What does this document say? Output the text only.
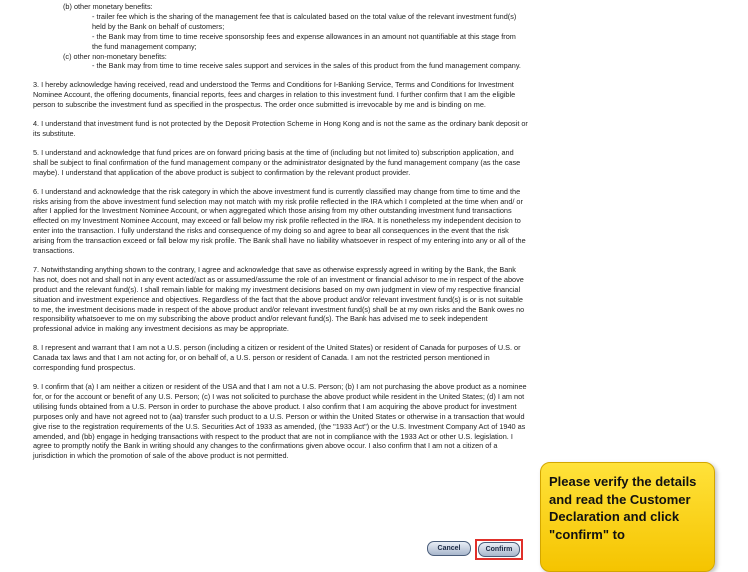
(b) other monetary benefits:

- trailer fee which is the sharing of the management fee that is calculated based on the total value of the relevant investment fund(s) held by the Bank on behalf of customers;

- the Bank may from time to time receive sponsorship fees and expense allowances in an amount not quantifiable at this stage from the fund management company;

(c) other non-monetary benefits:

- the Bank may from time to time receive sales support and services in the sales of this product from the fund management company.

3. I hereby acknowledge having received, read and understood the Terms and Conditions for I-Banking Service, Terms and Conditions for Investment Nominee Account, the offering documents, financial reports, fees and charges in relation to this investment fund. I further confirm that I am the eligible person to subscribe the investment fund as specified in the prospectus. The order once submitted is irrevocable by me and is binding on me.

4. I understand that investment fund is not protected by the Deposit Protection Scheme in Hong Kong and is not the same as the ordinary bank deposit or its substitute.

5. I understand and acknowledge that fund prices are on forward pricing basis at the time of (including but not limited to) subscription application, and shall be subject to final confirmation of the fund management company or the administrator designated by the fund management company (as the case maybe). I understand that application of the above product is subject to confirmation by the relevant product provider.

6. I understand and acknowledge that the risk category in which the above investment fund is currently classified may change from time to time and the risks arising from the above investment fund selection may not match with my risk profile reflected in the IRA which I completed at the time when and/ or after I applied for the Investment Nominee Account, or when aggregated which those arising from my other outstanding investment fund transactions effected on my Investment Nominee Account, may exceed or fall below my risk profile reflected in the IRA. It is nonetheless my independent decision to enter into the transaction. I fully understand the risks and consequence of my doing so and agree to bear all consequences in the event that the risk arising from the transaction exceed or fall below my risk profile. The Bank shall have no liability whatsoever in respect of my entering into any or all of the transactions.

7. Notwithstanding anything shown to the contrary, I agree and acknowledge that save as otherwise expressly agreed in writing by the Bank, the Bank has not, does not and shall not in any event acted/act as or assumed/assume the role of an investment or financial advisor to me in respect of the above product and the relevant fund(s). I shall remain liable for making my investment decisions based on my own judgment in view of my respective financial situation and investment experience and objectives. Regardless of the fact that the above product and/or relevant investment fund(s) is or is not suitable to me, the investment decisions made in respect of the above product and/or relevant investment fund(s) shall be at my own risks and the Bank owes no responsibility whatsoever to me on my subscribing the above product and/or relevant fund(s). The Bank has advised me to seek independent professional advice in making any investment decisions as may be appropriate.

8. I represent and warrant that I am not a U.S. person (including a citizen or resident of the United States) or resident of Canada for purposes of U.S. or Canada tax laws and that I am not acting for, or on behalf of, a U.S. person or resident of Canada. I am not the restricted person mentioned in corresponding fund prospectus.

9. I confirm that (a) I am neither a citizen or resident of the USA and that I am not a U.S. Person; (b) I am not purchasing the above product as a nominee for, or for the account or benefit of any U.S. Person; (c) I was not solicited to purchase the above product while resident in the United States; (d) I am not utilising funds obtained from a U.S. Person in order to purchase the above product. I also confirm that I am acquiring the above product for investment purposes only and have not agreed not to (aa) transfer such product to a U.S. Person or within the United States or otherwise in a transaction that would give rise to the registration requirements of the U.S. Securities Act of 1933 as amended, (the "1933 Act") or the U.S. Investment Company Act of 1940 as amended, and (bb) engage in hedging transactions with respect to the product that are not in compliance with the 1933 Act or other U.S. legislation. I agree to promptly notify the Bank in writing should any changes to the confirmations given above occur. I also confirm that I am not a citizen of a jurisdiction in which the promotion of sale of the above product is not permitted.

Cancel	Confirm
Please verify the details and read the Customer Declaration and click "confirm" to
